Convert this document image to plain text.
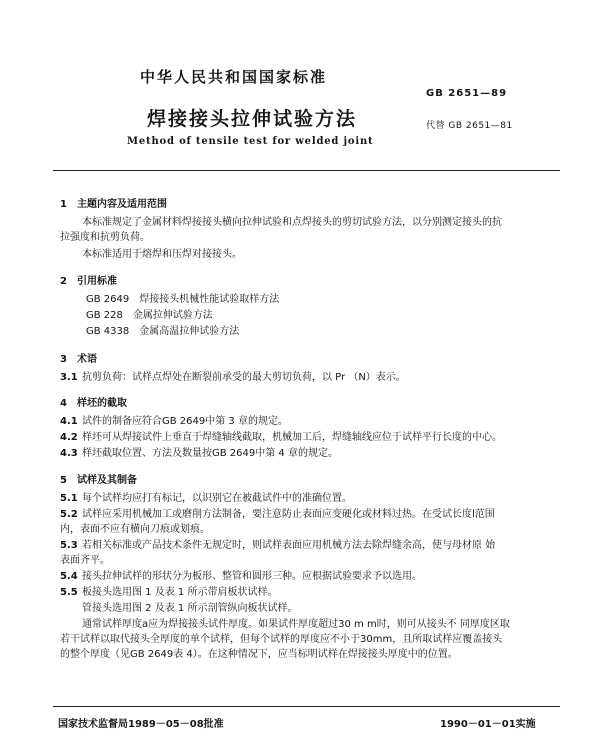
中华人民共和国国家标准
GB 2651—89
焊接接头拉伸试验方法	代替 GB 2651—81
Method of tensile test for welded joint
1　主题内容及适用范围
本标准规定了金属材料焊接接头横向拉伸试验和点焊接头的剪切试验方法，以分别测定接头的抗
拉强度和抗剪负荷。
本标准适用于熔焊和压焊对接接头。
2　引用标准
GB 2649　焊接接头机械性能试验取样方法
GB 228　金属拉伸试验方法
GB 4338　金属高温拉伸试验方法
3　术语
3.1 抗剪负荷：试样点焊处在断裂前承受的最大剪切负荷，以 Pr （N）表示。
4　样坯的截取
4.1 试件的制备应符合GB 2649中第 3 章的规定。
4.2 样坯可从焊接试件上垂直于焊缝轴线截取，机械加工后，焊缝轴线应位于试样平行长度的中心。
4.3 样坯截取位置、方法及数量按GB 2649中第 4 章的规定。
5　试样及其制备
5.1 每个试样均应打有标记，以识别它在被截试件中的准确位置。
5.2 试样应采用机械加工或磨削方法制备，要注意防止表面应变硬化或材料过热。在受试长度l范围
内，表面不应有横向刀痕或划痕。
5.3 若相关标准或产品技术条件无规定时，则试样表面应用机械方法去除焊缝余高，使与母材原 始
表面齐平。
5.4 接头拉伸试样的形状分为板形、整管和圆形三种。应根据试验要求予以选用。
5.5 板接头选用图 1 及表 1 所示带肩板状试样。
管接头选用图 2 及表 1 所示剖管纵向板状试样。
通常试样厚度a应为焊接接头试件厚度。如果试件厚度超过30 m m时，则可从接头不 同厚度区取
若干试样以取代接头全厚度的单个试样，但每个试样的厚度应不小于30mm，且所取试样应覆盖接头
的整个厚度（见GB 2649表 4）。在这种情况下，应当标明试样在焊接接头厚度中的位置。
国家技术监督局1989－05－08批准	1990－01－01实施
